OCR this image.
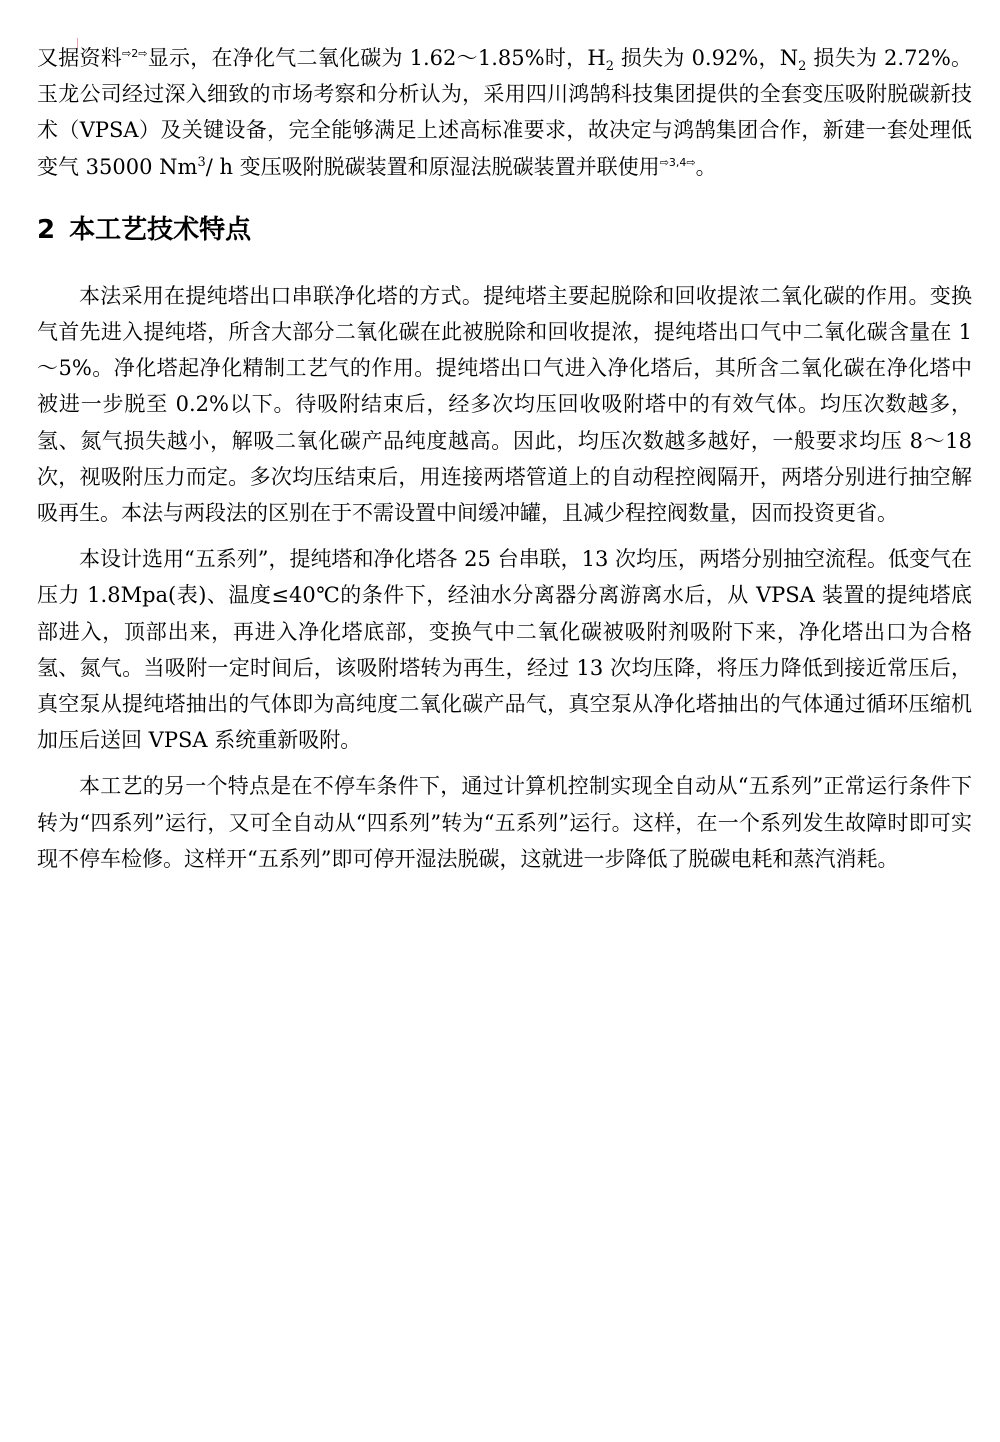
又据资料$^{⇨2⇨}$显示，在净化气二氧化碳为 1.62～1.85%时，$H_2$ 损失为 0.92%，$N_2$ 损失为 2.72%。玉龙公司经过深入细致的市场考察和分析认为，采用四川鸿鹄科技集团提供的全套变压吸附脱碳新技术（VPSA）及关键设备，完全能够满足上述高标准要求，故决定与鸿鹄集团合作，新建一套处理低变气 35000 Nm$^3$/ h 变压吸附脱碳装置和原湿法脱碳装置并联使用$^{⇨3,4⇨}$。

2 本工艺技术特点

本法采用在提纯塔出口串联净化塔的方式。提纯塔主要起脱除和回收提浓二氧化碳的作用。变换气首先进入提纯塔，所含大部分二氧化碳在此被脱除和回收提浓，提纯塔出口气中二氧化碳含量在 1～5%。净化塔起净化精制工艺气的作用。提纯塔出口气进入净化塔后，其所含二氧化碳在净化塔中被进一步脱至 0.2%以下。待吸附结束后，经多次均压回收吸附塔中的有效气体。均压次数越多，氢、氮气损失越小，解吸二氧化碳产品纯度越高。因此，均压次数越多越好，一般要求均压 8～18 次，视吸附压力而定。多次均压结束后，用连接两塔管道上的自动程控阀隔开，两塔分别进行抽空解吸再生。本法与两段法的区别在于不需设置中间缓冲罐，且减少程控阀数量，因而投资更省。

本设计选用“五系列”，提纯塔和净化塔各 25 台串联，13 次均压，两塔分别抽空流程。低变气在压力 1.8Mpa(表)、温度≤40℃的条件下，经油水分离器分离游离水后，从 VPSA 装置的提纯塔底部进入，顶部出来，再进入净化塔底部，变换气中二氧化碳被吸附剂吸附下来，净化塔出口为合格氢、氮气。当吸附一定时间后，该吸附塔转为再生，经过 13 次均压降，将压力降低到接近常压后，真空泵从提纯塔抽出的气体即为高纯度二氧化碳产品气，真空泵从净化塔抽出的气体通过循环压缩机加压后送回 VPSA 系统重新吸附。

本工艺的另一个特点是在不停车条件下，通过计算机控制实现全自动从“五系列”正常运行条件下转为“四系列”运行，又可全自动从“四系列”转为“五系列”运行。这样，在一个系列发生故障时即可实现不停车检修。这样开“五系列”即可停开湿法脱碳，这就进一步降低了脱碳电耗和蒸汽消耗。
